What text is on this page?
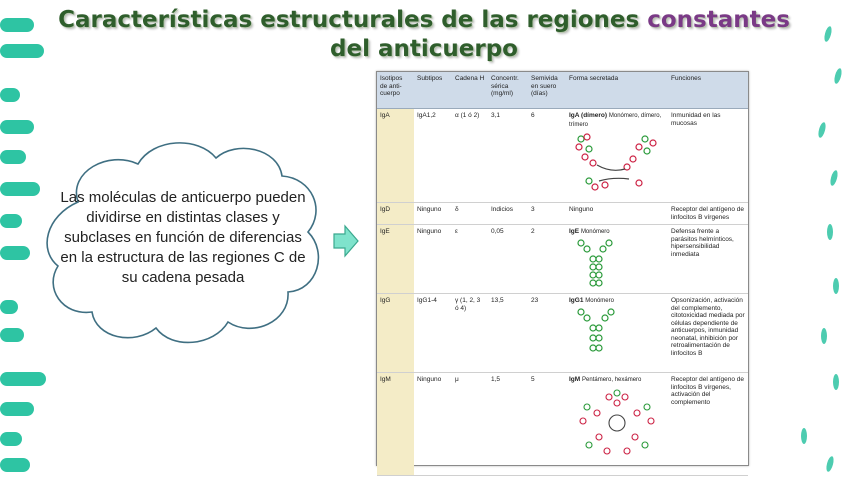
Características estructurales de las regiones constantes
del anticuerpo
Las moléculas de anticuerpo pueden dividirse en distintas clases y subclases en función de diferencias en la estructura de las regiones C de su cadena pesada
Isotipos de anti-cuerpo	Subtipos	Cadena H	Concentr. sérica (mg/ml)	Semivida en suero (días)	Forma secretada	Funciones
IgA	IgA1,2	α (1 ó 2)	3,1	6	IgA (dímero) Monómero, dímero, trímero	Inmunidad en las mucosas
IgD	Ninguno	δ	Indicios	3	Ninguno	Receptor del antígeno de linfocitos B vírgenes
IgE	Ninguno	ε	0,05	2	IgE Monómero	Defensa frente a parásitos helmínticos, hipersensibilidad inmediata
IgG	IgG1-4	γ (1, 2, 3 ó 4)	13,5	23	IgG1 Monómero	Opsonización, activación del complemento, citotoxicidad mediada por células dependiente de anticuerpos, inmunidad neonatal, inhibición por retroalimentación de linfocitos B
IgM	Ninguno	μ	1,5	5	IgM Pentámero, hexámero	Receptor del antígeno de linfocitos B vírgenes, activación del complemento
